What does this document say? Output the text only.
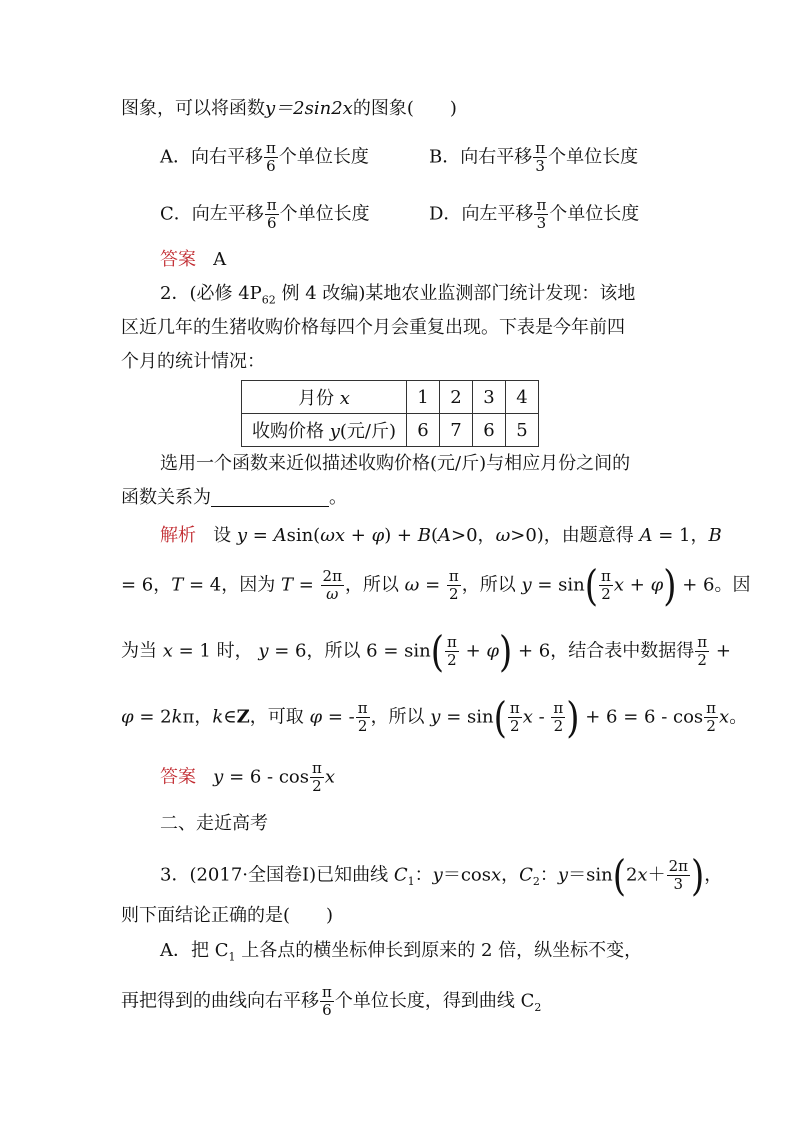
图象，可以将函数y＝2sin2x的图象(　　)
A．向右平移 $\frac{\pi}{6}$ 个单位长度	B．向右平移 $\frac{\pi}{3}$ 个单位长度
C．向左平移 $\frac{\pi}{6}$ 个单位长度	D．向左平移 $\frac{\pi}{3}$ 个单位长度
答案 A
2．(必修 $4P_{62}$ 例 4 改编)某地农业监测部门统计发现：该地
区近几年的生猪收购价格每四个月会重复出现。下表是今年前四
个月的统计情况：
月份 x	1	2	3	4
收购价格 y(元/斤)	6	7	6	5
选用一个函数来近似描述收购价格(元/斤)与相应月份之间的
函数关系为	。
解析   设 y = Asin(ωx + φ) + B(A>0，ω>0)，由题意得 A = 1，B
= 6，T = 4，因为 $T = \frac{2\pi}{\omega}$ ，所以 $\omega = \frac{\pi}{2}$ ，所以 $y = \sin( \frac{\pi}{2}$ x + φ) + 6。因
为当 x = 1 时， y = 6，所以 $6 = \sin( \frac{\pi}{2} + \varphi) + 6$，结合表中数据得 $\frac{\pi}{2}$ +
φ = 2kπ，k∈Z，可取 φ = - $\frac{\pi}{2}$ ，所以 $y = \sin( \frac{\pi}{2}$ x - $\frac{\pi}{2}$ ) + $6 = 6 - \cos \frac{\pi}{2}$ x。
答案 $y = 6 - \cos \frac{\pi}{2}$ x
二、走近高考
3．(2017·全国卷Ⅰ)已知曲线 $C_1$：y＝cosx，$C_2$：$y=\sin(2x+ \frac{2\pi}{3}$ )，
则下面结论正确的是(　　)
A．把 $C_1$ 上各点的横坐标伸长到原来的 2 倍，纵坐标不变，
再把得到的曲线向右平移 $\frac{\pi}{6}$ 个单位长度，得到曲线 $C_2$
